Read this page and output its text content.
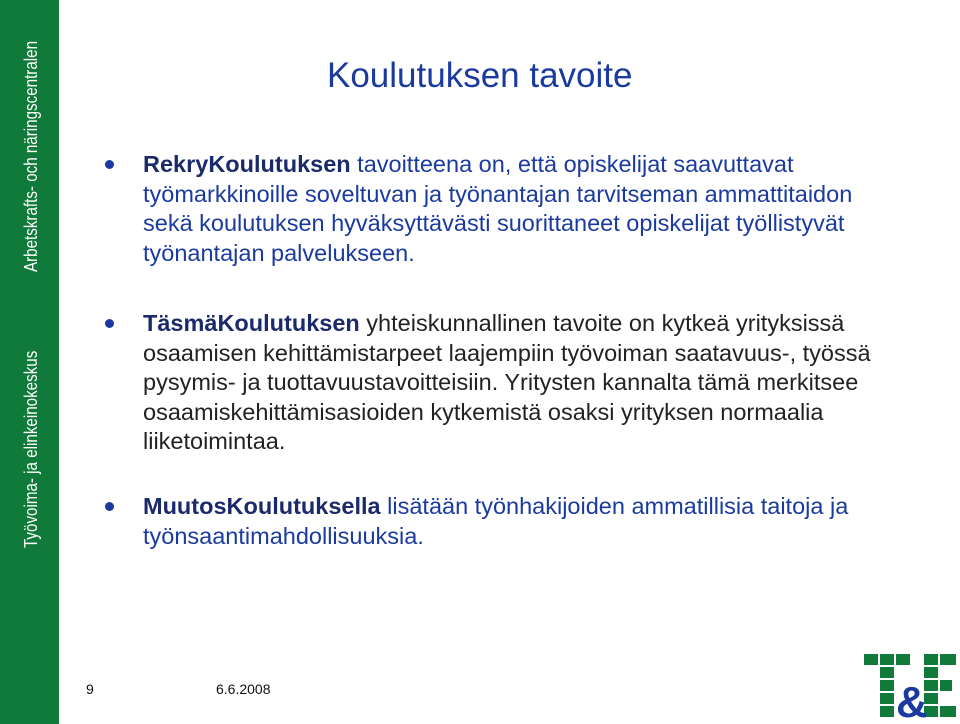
Arbetskrafts- och näringscentralen
Työvoima- ja elinkeinokeskus
Koulutuksen tavoite
RekryKoulutuksen tavoitteena on, että opiskelijat saavuttavat työmarkkinoille soveltuvan ja työnantajan tarvitseman ammattitaidon sekä koulutuksen hyväksyttävästi suorittaneet opiskelijat työllistyvät työnantajan palvelukseen.
TäsmäKoulutuksen yhteiskunnallinen tavoite on kytkeä yrityksissä osaamisen kehittämistarpeet laajempiin työvoiman saatavuus-, työssä pysymis- ja tuottavuustavoitteisiin. Yritysten kannalta tämä merkitsee osaamiskehittämisasioiden kytkemistä osaksi yrityksen normaalia liiketoimintaa.
MuutosKoulutuksella lisätään työnhakijoiden ammatillisia taitoja ja työnsaantimahdollisuuksia.
9	6.6.2008	&
